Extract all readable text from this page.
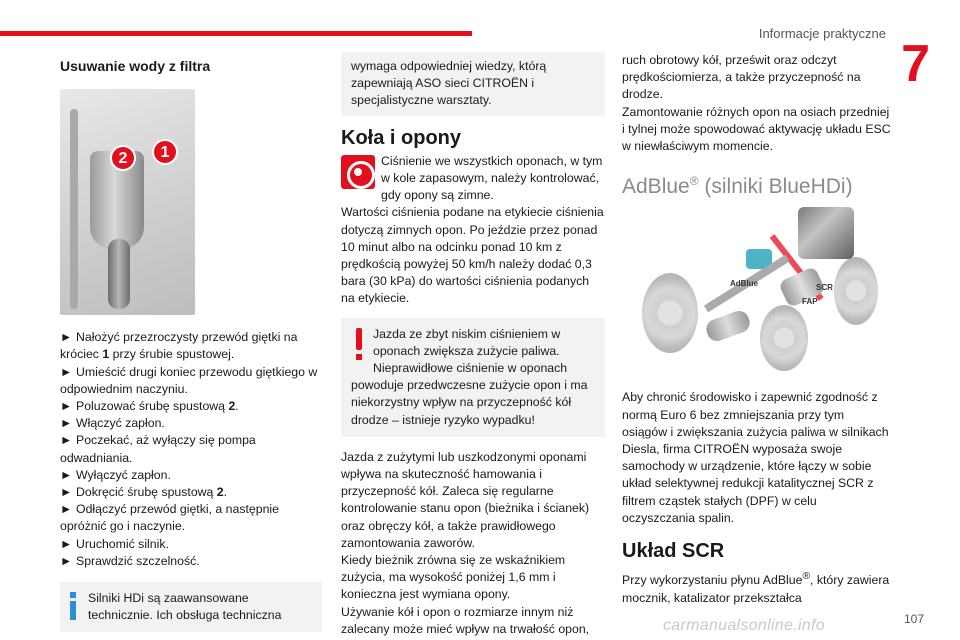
Informacje praktyczne
7
Usuwanie wody z filtra
2	1

► Nałożyć przezroczysty przewód giętki na króciec 1 przy śrubie spustowej.

► Umieścić drugi koniec przewodu giętkiego w odpowiednim naczyniu.

► Poluzować śrubę spustową 2.

► Włączyć zapłon.

► Poczekać, aż wyłączy się pompa odwadniania.

► Wyłączyć zapłon.

► Dokręcić śrubę spustową 2.

► Odłączyć przewód giętki, a następnie opróżnić go i naczynie.

► Uruchomić silnik.

► Sprawdzić szczelność.

Silniki HDi są zaawansowane technicznie. Ich obsługa techniczna
wymaga odpowiedniej wiedzy, którą zapewniają ASO sieci CITROËN i specjalistyczne warsztaty.
Koła i opony
Ciśnienie we wszystkich oponach, w tym w kole zapasowym, należy kontrolować, gdy opony są zimne.

Wartości ciśnienia podane na etykiecie ciśnienia dotyczą zimnych opon. Po jeździe przez ponad 10 minut albo na odcinku ponad 10 km z prędkością powyżej 50 km/h należy dodać 0,3 bara (30 kPa) do wartości ciśnienia podanych na etykiecie.

Jazda ze zbyt niskim ciśnieniem w oponach zwiększa zużycie paliwa. Nieprawidłowe ciśnienie w oponach powoduje przedwczesne zużycie opon i ma niekorzystny wpływ na przyczepność kół drodze – istnieje ryzyko wypadku!

Jazda z zużytymi lub uszkodzonymi oponami wpływa na skuteczność hamowania i przyczepność kół. Zaleca się regularne kontrolowanie stanu opon (bieżnika i ścianek) oraz obręczy kół, a także prawidłowego zamontowania zaworów.

Kiedy bieżnik zrówna się ze wskaźnikiem zużycia, ma wysokość poniżej 1,6 mm i konieczna jest wymiana opony.

Używanie kół i opon o rozmiarze innym niż zalecany może mieć wpływ na trwałość opon,

ruch obrotowy kół, prześwit oraz odczyt prędkościomierza, a także przyczepność na drodze.

Zamontowanie różnych opon na osiach przedniej i tylnej może spowodować aktywację układu ESC w niewłaściwym momencie.

AdBlue® (silniki BlueHDi)
AdBlue	SCR
FAP

Aby chronić środowisko i zapewnić zgodność z normą Euro 6 bez zmniejszania przy tym osiągów i zwiększania zużycia paliwa w silnikach Diesla, firma CITROËN wyposaża swoje samochody w urządzenie, które łączy w sobie układ selektywnej redukcji katalitycznej SCR z filtrem cząstek stałych (DPF) w celu oczyszczania spalin.

Układ SCR

Przy wykorzystaniu płynu AdBlue®, który zawiera mocznik, katalizator przekształca

carmanualsonline.info	107
